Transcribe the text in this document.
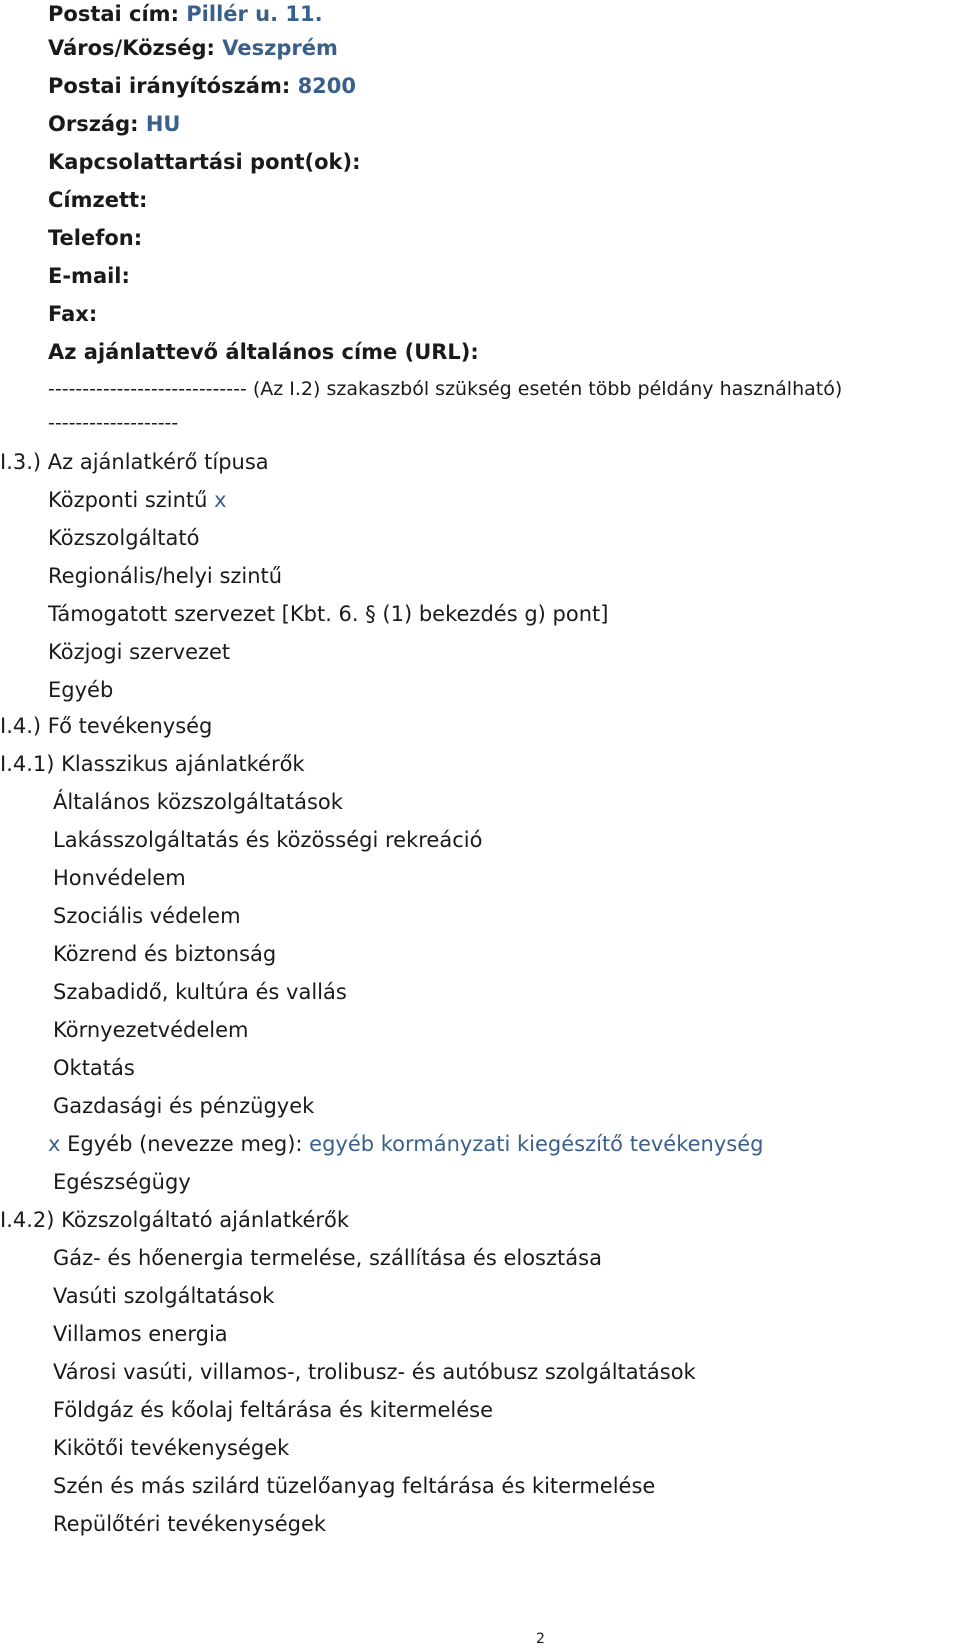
Postai cím: Pillér u. 11.
Város/Község: Veszprém
Postai irányítószám: 8200
Ország: HU
Kapcsolattartási pont(ok):
Címzett:
Telefon:
E-mail:
Fax:
Az ajánlattevő általános címe (URL):
----------------------------- (Az I.2) szakaszból szükség esetén több példány használható)
-------------------
I.3.) Az ajánlatkérő típusa
Központi szintű x
Közszolgáltató
Regionális/helyi szintű
Támogatott szervezet [Kbt. 6. § (1) bekezdés g) pont]
Közjogi szervezet
Egyéb
I.4.) Fő tevékenység
I.4.1) Klasszikus ajánlatkérők
Általános közszolgáltatások
Lakásszolgáltatás és közösségi rekreáció
Honvédelem
Szociális védelem
Közrend és biztonság
Szabadidő, kultúra és vallás
Környezetvédelem
Oktatás
Gazdasági és pénzügyek
x Egyéb (nevezze meg): egyéb kormányzati kiegészítő tevékenység
Egészségügy
I.4.2) Közszolgáltató ajánlatkérők
Gáz- és hőenergia termelése, szállítása és elosztása
Vasúti szolgáltatások
Villamos energia
Városi vasúti, villamos-, trolibusz- és autóbusz szolgáltatások
Földgáz és kőolaj feltárása és kitermelése
Kikötői tevékenységek
Szén és más szilárd tüzelőanyag feltárása és kitermelése
Repülőtéri tevékenységek
2
